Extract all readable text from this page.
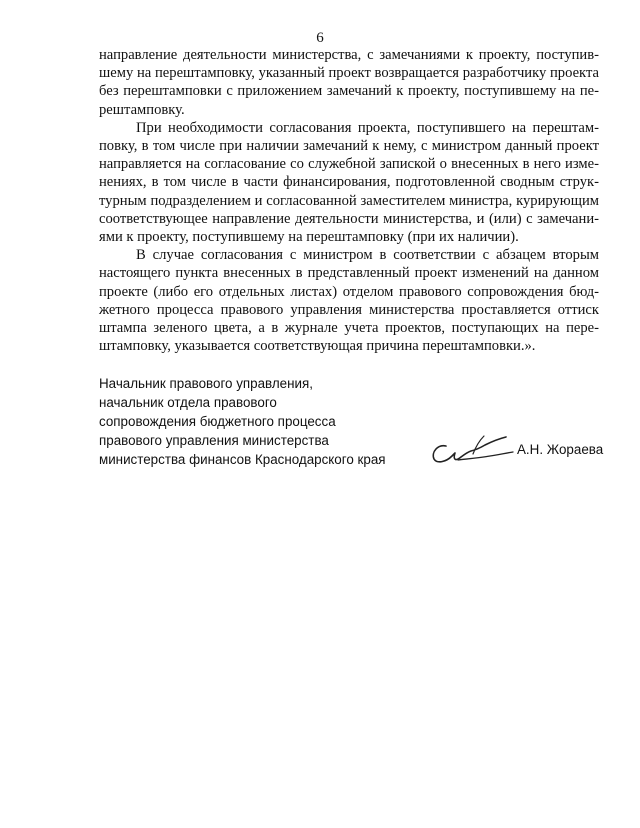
6

направление деятельности министерства, с замечаниями к проекту, поступив-
шему на перештамповку, указанный проект возвращается разработчику проекта
без перештамповки с приложением замечаний к проекту, поступившему на пе-
рештамповку.

При необходимости согласования проекта, поступившего на перештам-
повку, в том числе при наличии замечаний к нему, с министром данный проект
направляется на согласование со служебной запиской о внесенных в него изме-
нениях, в том числе в части финансирования, подготовленной сводным струк-
турным подразделением и согласованной заместителем министра, курирующим
соответствующее направление деятельности министерства, и (или) с замечани-
ями к проекту, поступившему на перештамповку (при их наличии).

В случае согласования с министром в соответствии с абзацем вторым
настоящего пункта внесенных в представленный проект изменений на данном
проекте (либо его отдельных листах) отделом правового сопровождения бюд-
жетного процесса правового управления министерства проставляется оттиск
штампа зеленого цвета, а в журнале учета проектов, поступающих на пере-
штамповку, указывается соответствующая причина перештамповки.».

Начальник правового управления,
начальник отдела правового
сопровождения бюджетного процесса
правового управления министерства
министерства финансов Краснодарского края
А.Н. Жораева
